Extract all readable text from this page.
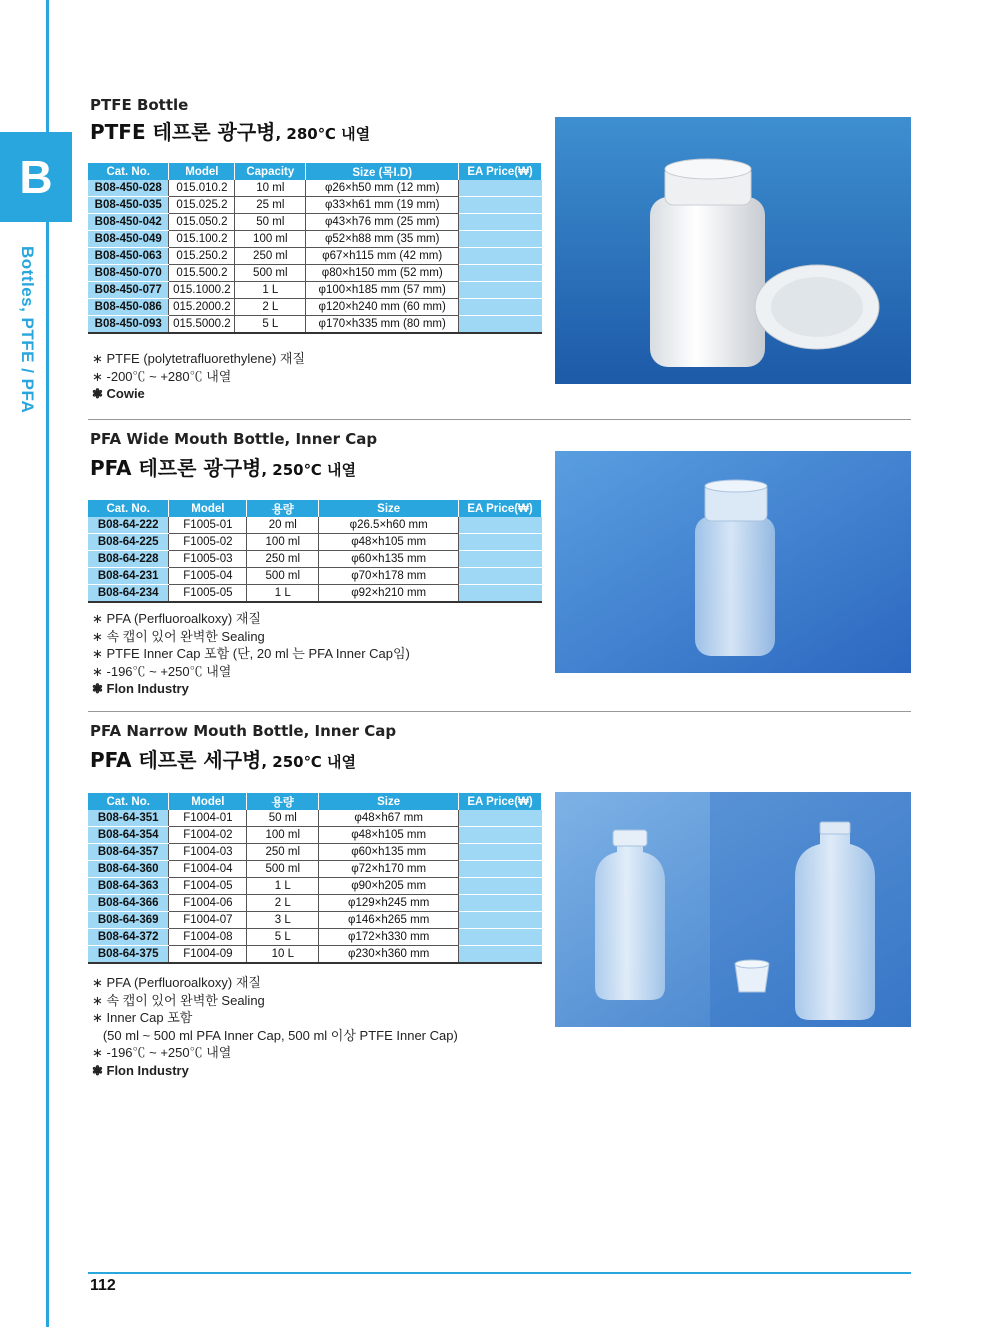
B
Bottles, PTFE / PFA
PTFE Bottle
PTFE 테프론 광구병, 280℃ 내열
Cat. No.	Model	Capacity	Size (목I.D)	EA Price(₩)
B08-450-028	015.010.2	10 ml	φ26×h50 mm (12 mm)	
B08-450-035	015.025.2	25 ml	φ33×h61 mm (19 mm)	
B08-450-042	015.050.2	50 ml	φ43×h76 mm (25 mm)	
B08-450-049	015.100.2	100 ml	φ52×h88 mm (35 mm)	
B08-450-063	015.250.2	250 ml	φ67×h115 mm (42 mm)	
B08-450-070	015.500.2	500 ml	φ80×h150 mm (52 mm)	
B08-450-077	015.1000.2	1 L	φ100×h185 mm (57 mm)	
B08-450-086	015.2000.2	2 L	φ120×h240 mm (60 mm)	
B08-450-093	015.5000.2	5 L	φ170×h335 mm (80 mm)	
∗ PTFE (polytetrafluorethylene) 재질
∗ -200℃ ~ +280℃ 내열
❃ Cowie
PFA Wide Mouth Bottle, Inner Cap
PFA 테프론 광구병, 250℃ 내열
Cat. No.	Model	용량	Size	EA Price(₩)
B08-64-222	F1005-01	20 ml	φ26.5×h60 mm	
B08-64-225	F1005-02	100 ml	φ48×h105 mm	
B08-64-228	F1005-03	250 ml	φ60×h135 mm	
B08-64-231	F1005-04	500 ml	φ70×h178 mm	
B08-64-234	F1005-05	1 L	φ92×h210 mm	
∗ PFA (Perfluoroalkoxy) 재질
∗ 속 캡이 있어 완벽한 Sealing
∗ PTFE Inner Cap 포함 (단, 20 ml 는 PFA Inner Cap임)
∗ -196℃ ~ +250℃ 내열
❃ Flon Industry
PFA Narrow Mouth Bottle, Inner Cap
PFA 테프론 세구병, 250℃ 내열
Cat. No.	Model	용량	Size	EA Price(₩)
B08-64-351	F1004-01	50 ml	φ48×h67 mm	
B08-64-354	F1004-02	100 ml	φ48×h105 mm	
B08-64-357	F1004-03	250 ml	φ60×h135 mm	
B08-64-360	F1004-04	500 ml	φ72×h170 mm	
B08-64-363	F1004-05	1 L	φ90×h205 mm	
B08-64-366	F1004-06	2 L	φ129×h245 mm	
B08-64-369	F1004-07	3 L	φ146×h265 mm	
B08-64-372	F1004-08	5 L	φ172×h330 mm	
B08-64-375	F1004-09	10 L	φ230×h360 mm	
∗ PFA (Perfluoroalkoxy) 재질
∗ 속 캡이 있어 완벽한 Sealing
∗ Inner Cap 포함
(50 ml ~ 500 ml PFA Inner Cap, 500 ml 이상 PTFE Inner Cap)
∗ -196℃ ~ +250℃ 내열
❃ Flon Industry
112
